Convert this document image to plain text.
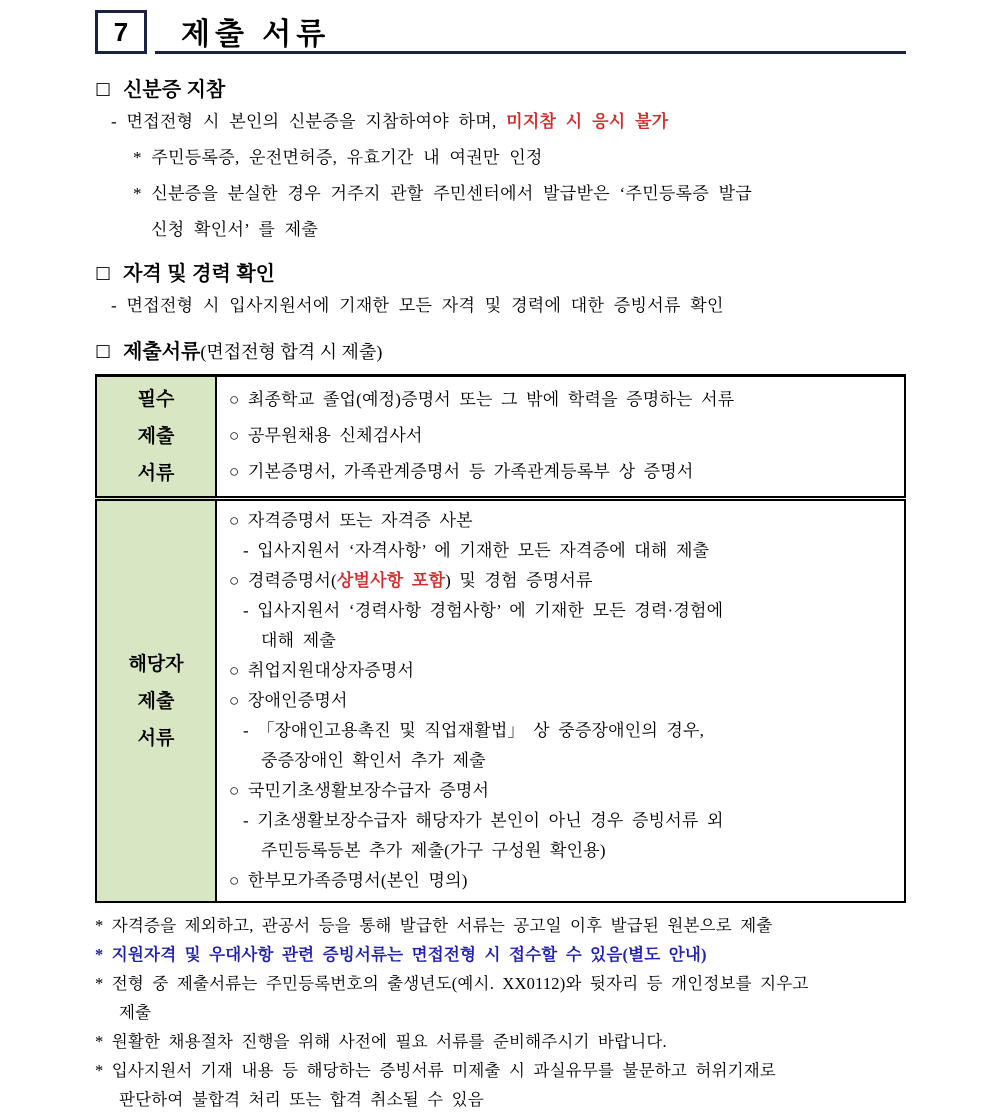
7 제출 서류
□ 신분증 지참
- 면접전형 시 본인의 신분증을 지참하여야 하며, 미지참 시 응시 불가
* 주민등록증, 운전면허증, 유효기간 내 여권만 인정
* 신분증을 분실한 경우 거주지 관할 주민센터에서 발급받은 ‘주민등록증 발급
신청 확인서’ 를 제출
□ 자격 및 경력 확인
- 면접전형 시 입사지원서에 기재한 모든 자격 및 경력에 대한 증빙서류 확인
□ 제출서류(면접전형 합격 시 제출)
필수
제출
서류

○ 최종학교 졸업(예정)증명서 또는 그 밖에 학력을 증명하는 서류
○ 공무원채용 신체검사서
○ 기본증명서, 가족관계증명서 등 가족관계등록부 상 증명서

해당자
제출
서류

○ 자격증명서 또는 자격증 사본
- 입사지원서 ‘자격사항’ 에 기재한 모든 자격증에 대해 제출
○ 경력증명서(상벌사항 포함) 및 경험 증명서류
- 입사지원서 ‘경력사항 경험사항’ 에 기재한 모든 경력·경험에
대해 제출
○ 취업지원대상자증명서
○ 장애인증명서
- 「장애인고용촉진 및 직업재활법」 상 중증장애인의 경우,
중증장애인 확인서 추가 제출
○ 국민기초생활보장수급자 증명서
- 기초생활보장수급자 해당자가 본인이 아닌 경우 증빙서류 외
주민등록등본 추가 제출(가구 구성원 확인용)
○ 한부모가족증명서(본인 명의)
* 자격증을 제외하고, 관공서 등을 통해 발급한 서류는 공고일 이후 발급된 원본으로 제출
* 지원자격 및 우대사항 관련 증빙서류는 면접전형 시 접수할 수 있음(별도 안내)
* 전형 중 제출서류는 주민등록번호의 출생년도(예시. XX0112)와 뒷자리 등 개인정보를 지우고
제출
* 원활한 채용절차 진행을 위해 사전에 필요 서류를 준비해주시기 바랍니다.
* 입사지원서 기재 내용 등 해당하는 증빙서류 미제출 시 과실유무를 불문하고 허위기재로
판단하여 불합격 처리 또는 합격 취소될 수 있음
